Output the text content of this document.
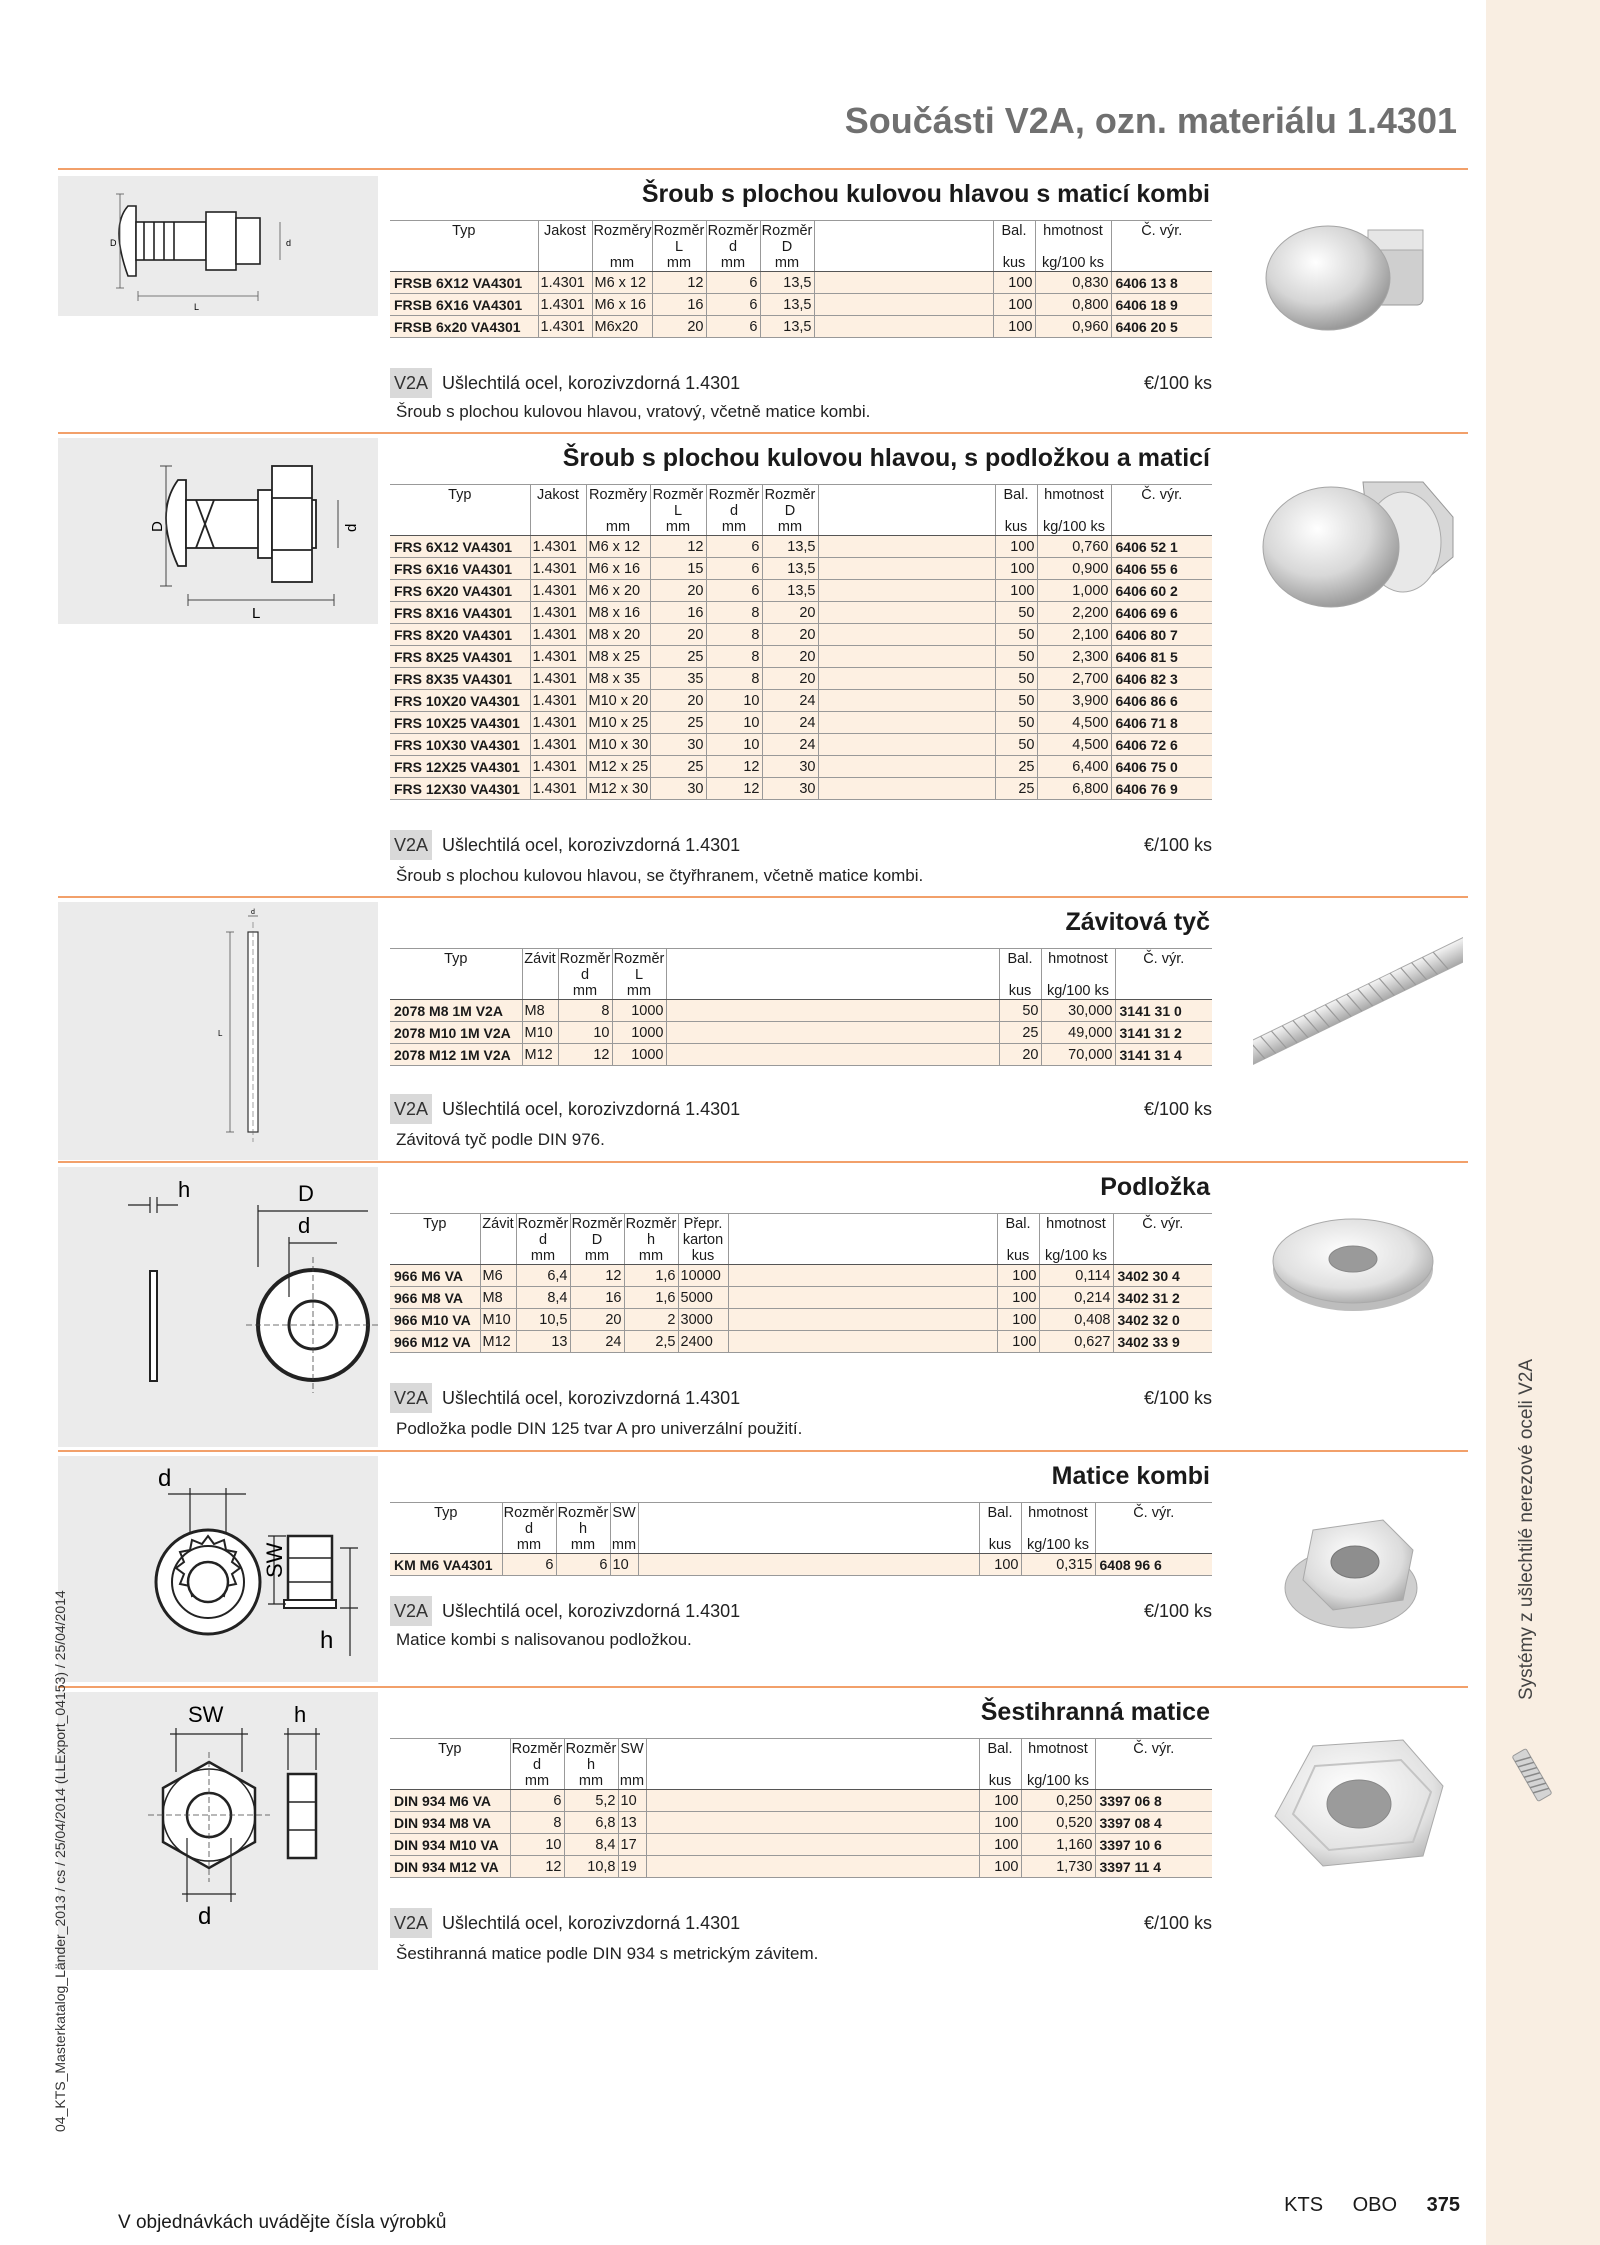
Systémy z ušlechtilé nerezové oceli V2A
Součásti V2A, ozn. materiálu 1.4301
D	d
L
Šroub s plochou kulovou hlavou s maticí kombi
Typ	Jakost	Rozměry	Rozměr L	Rozměr d	Rozměr D		Bal.	hmotnost	Č. výr.
		mm	mm	mm	mm		kus	kg/100 ks	
FRSB 6X12 VA4301	1.4301	M6 x 12	12	6	13,5		100	0,830	6406 13 8
FRSB 6X16 VA4301	1.4301	M6 x 16	16	6	13,5		100	0,800	6406 18 9
FRSB 6x20 VA4301	1.4301	M6x20	20	6	13,5		100	0,960	6406 20 5
V2A Ušlechtilá ocel, korozivzdorná 1.4301	€/100 ks
Šroub s plochou kulovou hlavou, vratový, včetně matice kombi.
D	d
L
Šroub s plochou kulovou hlavou, s podložkou a maticí
Typ	Jakost	Rozměry	Rozměr L	Rozměr d	Rozměr D		Bal.	hmotnost	Č. výr.
		mm	mm	mm	mm		kus	kg/100 ks	
FRS 6X12 VA4301	1.4301	M6 x 12	12	6	13,5		100	0,760	6406 52 1
FRS 6X16 VA4301	1.4301	M6 x 16	15	6	13,5		100	0,900	6406 55 6
FRS 6X20 VA4301	1.4301	M6 x 20	20	6	13,5		100	1,000	6406 60 2
FRS 8X16 VA4301	1.4301	M8 x 16	16	8	20		50	2,200	6406 69 6
FRS 8X20 VA4301	1.4301	M8 x 20	20	8	20		50	2,100	6406 80 7
FRS 8X25 VA4301	1.4301	M8 x 25	25	8	20		50	2,300	6406 81 5
FRS 8X35 VA4301	1.4301	M8 x 35	35	8	20		50	2,700	6406 82 3
FRS 10X20 VA4301	1.4301	M10 x 20	20	10	24		50	3,900	6406 86 6
FRS 10X25 VA4301	1.4301	M10 x 25	25	10	24		50	4,500	6406 71 8
FRS 10X30 VA4301	1.4301	M10 x 30	30	10	24		50	4,500	6406 72 6
FRS 12X25 VA4301	1.4301	M12 x 25	25	12	30		25	6,400	6406 75 0
FRS 12X30 VA4301	1.4301	M12 x 30	30	12	30		25	6,800	6406 76 9
V2A Ušlechtilá ocel, korozivzdorná 1.4301	€/100 ks
Šroub s plochou kulovou hlavou, se čtyřhranem, včetně matice kombi.
L
d	Závitová tyč
Typ	Závit	Rozměr d	Rozměr L		Bal.	hmotnost	Č. výr.
		mm	mm		kus	kg/100 ks	
2078 M8 1M V2A	M8	8	1000		50	30,000	3141 31 0
2078 M10 1M V2A	M10	10	1000		25	49,000	3141 31 2
2078 M12 1M V2A	M12	12	1000		20	70,000	3141 31 4
V2A Ušlechtilá ocel, korozivzdorná 1.4301	€/100 ks
Závitová tyč podle DIN 976.
h	D
d
Podložka
Typ	Závit	Rozměr d	Rozměr D	Rozměr h	Přepr. karton		Bal.	hmotnost	Č. výr.
		mm	mm	mm	kus		kus	kg/100 ks	
966 M6 VA	M6	6,4	12	1,6	10000		100	0,114	3402 30 4
966 M8 VA	M8	8,4	16	1,6	5000		100	0,214	3402 31 2
966 M10 VA	M10	10,5	20	2	3000		100	0,408	3402 32 0
966 M12 VA	M12	13	24	2,5	2400		100	0,627	3402 33 9
V2A Ušlechtilá ocel, korozivzdorná 1.4301	€/100 ks
Podložka podle DIN 125 tvar A pro univerzální použití.
d
SW
h
Matice kombi
Typ	Rozměr d	Rozměr h	SW		Bal.	hmotnost	Č. výr.
	mm	mm	mm		kus	kg/100 ks	
KM M6 VA4301	6	6	10		100	0,315	6408 96 6
V2A Ušlechtilá ocel, korozivzdorná 1.4301	€/100 ks
Matice kombi s nalisovanou podložkou.
SW
d
h	Šestihranná matice
Typ	Rozměr d	Rozměr h	SW		Bal.	hmotnost	Č. výr.
	mm	mm	mm		kus	kg/100 ks	
DIN 934 M6 VA	6	5,2	10		100	0,250	3397 06 8
DIN 934 M8 VA	8	6,8	13		100	0,520	3397 08 4
DIN 934 M10 VA	10	8,4	17		100	1,160	3397 10 6
DIN 934 M12 VA	12	10,8	19		100	1,730	3397 11 4
V2A Ušlechtilá ocel, korozivzdorná 1.4301	€/100 ks
Šestihranná matice podle DIN 934 s metrickým závitem.
04_KTS_Masterkatalog_Länder_2013 / cs / 25/04/2014 (LLExport_04153) / 25/04/2014
V objednávkách uvádějte čísla výrobků
KTS OBO 375
